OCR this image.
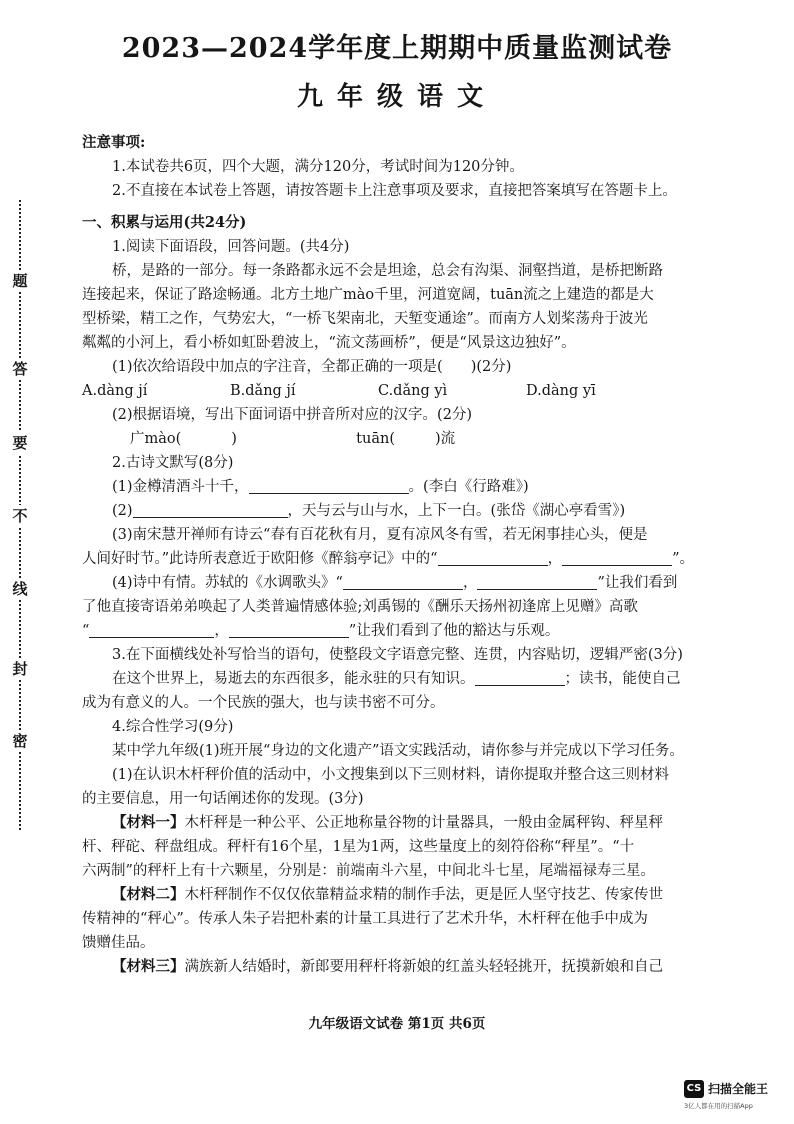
2023—2024学年度上期期中质量监测试卷
九年级语文
题
答
要
不
线
封
密
注意事项:
1.本试卷共6页，四个大题，满分120分，考试时间为120分钟。
2.不直接在本试卷上答题，请按答题卡上注意事项及要求，直接把答案填写在答题卡上。
一、积累与运用(共24分)
1.阅读下面语段，回答问题。(共4分)
桥，是路的一部分。每一条路都永远不会是坦途，总会有沟渠、洞壑挡道，是桥把断路
连接起来，保证了路途畅通。北方土地广mào千里，河道宽阔，tuān流之上建造的都是大
型桥梁，精工之作，气势宏大，“一桥飞架南北，天堑变通途”。而南方人划桨荡舟于波光
粼粼的小河上，看小桥如虹卧碧波上，“流文荡画桥”，便是“风景这边独好”。
(1)依次给语段中加点的字注音，全都正确的一项是( )(2分)
A.dàng jí	B.dǎng jí	C.dǎng yì	D.dàng yī
(2)根据语境，写出下面词语中拼音所对应的汉字。(2分)
广mào(	)	tuān(	)流
2.古诗文默写(8分)
(1)金樽清酒斗十千，	。(李白《行路难》)
(2)	，天与云与山与水，上下一白。(张岱《湖心亭看雪》)
(3)南宋慧开禅师有诗云“春有百花秋有月，夏有凉风冬有雪，若无闲事挂心头，便是
人间好时节。”此诗所表意近于欧阳修《醉翁亭记》中的“	，	”。
(4)诗中有情。苏轼的《水调歌头》“	，	”让我们看到
了他直接寄语弟弟唤起了人类普遍情感体验;刘禹锡的《酬乐天扬州初逢席上见赠》高歌
“	，	”让我们看到了他的豁达与乐观。
3.在下面横线处补写恰当的语句，使整段文字语意完整、连贯，内容贴切，逻辑严密(3分)
在这个世界上，易逝去的东西很多，能永驻的只有知识。	；读书，能使自己
成为有意义的人。一个民族的强大，也与读书密不可分。
4.综合性学习(9分)
某中学九年级(1)班开展“身边的文化遗产”语文实践活动，请你参与并完成以下学习任务。
(1)在认识木杆秤价值的活动中，小文搜集到以下三则材料，请你提取并整合这三则材料
的主要信息，用一句话阐述你的发现。(3分)
【材料一】木杆秤是一种公平、公正地称量谷物的计量器具，一般由金属秤钩、秤星秤
杆、秤砣、秤盘组成。秤杆有16个星，1星为1两，这些量度上的刻符俗称“秤星”。“十
六两制”的秤杆上有十六颗星，分别是：前端南斗六星，中间北斗七星，尾端福禄寿三星。
【材料二】木杆秤制作不仅仅依靠精益求精的制作手法，更是匠人坚守技艺、传家传世
传精神的“秤心”。传承人朱子岩把朴素的计量工具进行了艺术升华，木杆秤在他手中成为
馈赠佳品。
【材料三】满族新人结婚时，新郎要用秤杆将新娘的红盖头轻轻挑开，抚摸新娘和自己
九年级语文试卷 第1页 共6页
CS 扫描全能王
3亿人都在用的扫描App
